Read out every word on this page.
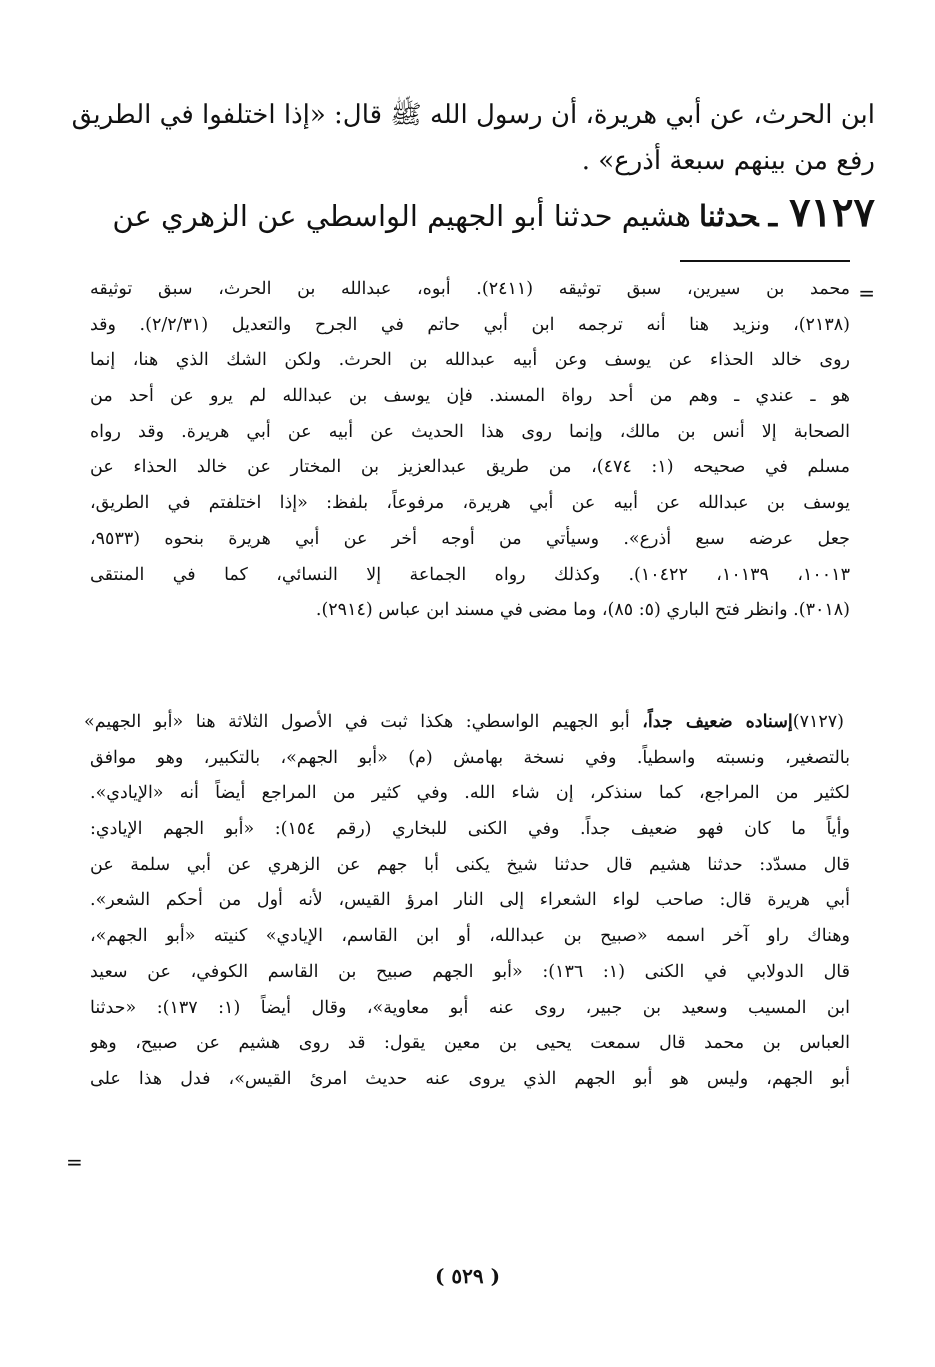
ابن الحرث، عن أبي هريرة، أن رسول الله ﷺ قال: «إذا اختلفوا في الطريق
رفع من بينهم سبعة أذرع» .
٧١٢٧ـحدثناهشيم حدثنا أبو الجهيم الواسطي عن الزهري عن
=
محمد بن سيرين، سبق توثيقه (٢٤١١). أبوه، عبدالله بن الحرث، سبق توثيقه
(٢١٣٨)، ونزيد هنا أنه ترجمه ابن أبي حاتم في الجرح والتعديل (٢/٢/٣١). وقد
روى خالد الحذاء عن يوسف وعن أبيه عبدالله بن الحرث. ولكن الشك الذي هنا، إنما
هو ـ عندي ـ وهم من أحد رواة المسند. فإن يوسف بن عبدالله لم يرو عن أحد من
الصحابة إلا أنس بن مالك، وإنما روى هذا الحديث عن أبيه عن أبي هريرة. وقد رواه
مسلم في صحيحه (١: ٤٧٤)، من طريق عبدالعزيز بن المختار عن خالد الحذاء عن
يوسف بن عبدالله عن أبيه عن أبي هريرة، مرفوعاً، بلفظ: «إذا اختلفتم في الطريق،
جعل عرضه سبع أذرع». وسيأتي من أوجه أخر عن أبي هريرة بنحوه (٩٥٣٣،
١٠٠١٣، ١٠١٣٩، ١٠٤٢٢). وكذلك رواه الجماعة إلا النسائي، كما في المنتقى
(٣٠١٨). وانظر فتح الباري (٥: ٨٥)، وما مضى في مسند ابن عباس (٢٩١٤).
(٧١٢٧)إسناده ضعيف جداً، أبو الجهيم الواسطي: هكذا ثبت في الأصول الثلاثة هنا «أبو الجهيم»
بالتصغير، ونسبته واسطياً. وفي نسخة بهامش (م) «أبو الجهم»، بالتكبير، وهو موافق
لكثير من المراجع، كما سنذكر، إن شاء الله. وفي كثير من المراجع أيضاً أنه «الإيادي».
وأياً ما كان فهو ضعيف جداً. وفي الكنى للبخاري (رقم ١٥٤): «أبو الجهم الإيادي:
قال مسدّد: حدثنا هشيم قال حدثنا شيخ يكنى أبا جهم عن الزهري عن أبي سلمة عن
أبي هريرة قال: صاحب لواء الشعراء إلى النار امرؤ القيس، لأنه أول من أحكم الشعر».
وهناك راو آخر اسمه «صبيح بن عبدالله، أو ابن القاسم، الإيادي» كنيته «أبو الجهم»،
قال الدولابي في الكنى (١: ١٣٦): «أبو الجهم صبيح بن القاسم الكوفي، عن سعيد
ابن المسيب وسعيد بن جبير، روى عنه أبو معاوية»، وقال أيضاً (١: ١٣٧): «حدثنا
العباس بن محمد قال سمعت يحيى بن معين يقول: قد روى هشيم عن صبيح، وهو
أبو الجهم، وليس هو أبو الجهم الذي يروى عنه حديث امرئ القيس»، فدل هذا على
=
( ٥٢٩ )
